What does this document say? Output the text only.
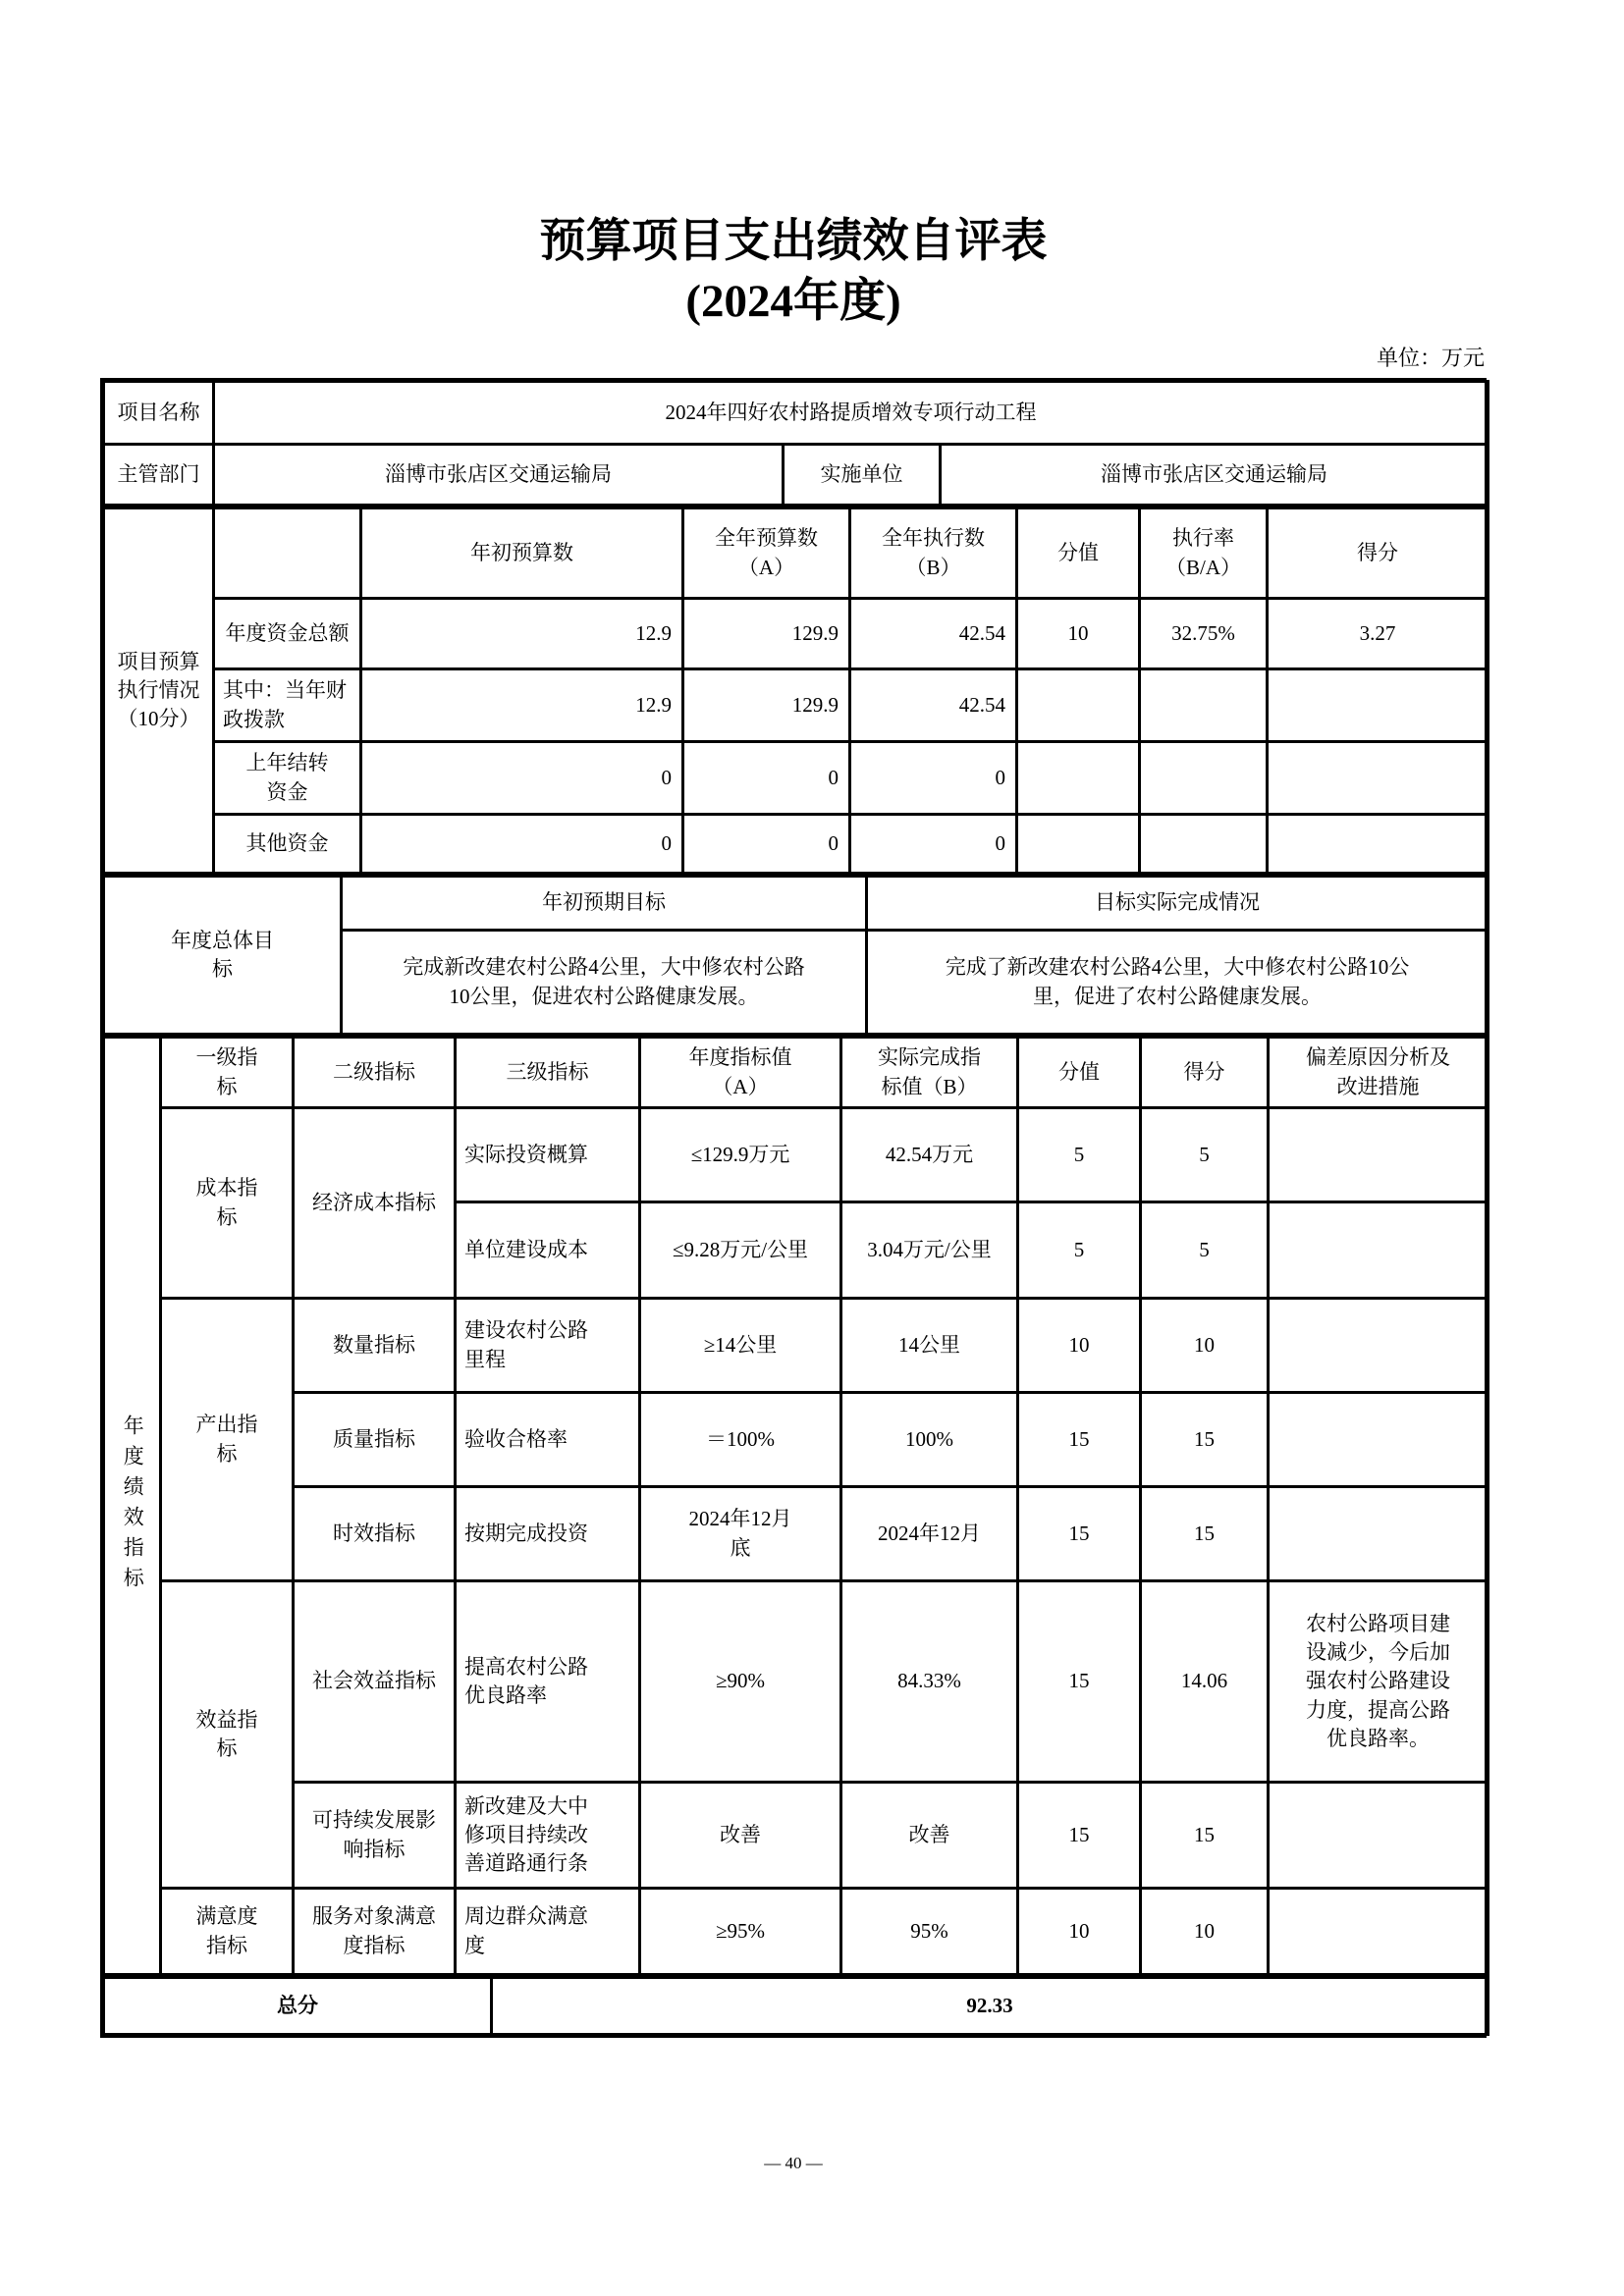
预算项目支出绩效自评表
(2024年度)
单位：万元
项目名称	2024年四好农村路提质增效专项行动工程		
主管部门	淄博市张店区交通运输局	实施单位	淄博市张店区交通运输局
项目预算执行情况（10分）		年初预算数	全年预算数（A）	全年执行数（B）	分值	执行率（B/A）	得分
	年度资金总额	12.9	129.9	42.54	10	32.75%	3.27

	其中：当年财政拨款	12.9	129.9	42.54			

	上年结转资金	0	0	0			
	其他资金	0	0	0			
年度总体目标	年初预期目标	目标实际完成情况

	完成新改建农村公路4公里，大中修农村公路10公里，促进农村公路健康发展。	完成了新改建农村公路4公里，大中修农村公路10公里，促进了农村公路健康发展。
年度绩效指标	一级指标	二级指标	三级指标	年度指标值（A）	实际完成指标值（B）	分值	得分	偏差原因分析及改进措施

	成本指标	经济成本指标	实际投资概算	≤129.9万元	42.54万元	5	5	
			单位建设成本	≤9.28万元/公里	3.04万元/公里	5	5	

	产出指标	数量指标	建设农村公路里程	≥14公里	14公里	10	10	
		质量指标	验收合格率	＝100%	100%	15	15	
		时效指标	按期完成投资	2024年12月底	2024年12月	15	15	

	效益指标	社会效益指标	提高农村公路优良路率	≥90%	84.33%	15	14.06	农村公路项目建设减少，今后加强农村公路建设力度，提高公路优良路率。

		可持续发展影响指标	新改建及大中修项目持续改善道路通行条	改善	改善	15	15	

	满意度指标	服务对象满意度指标	周边群众满意度	≥95%	95%	10	10	
总分	92.33
— 40 —
